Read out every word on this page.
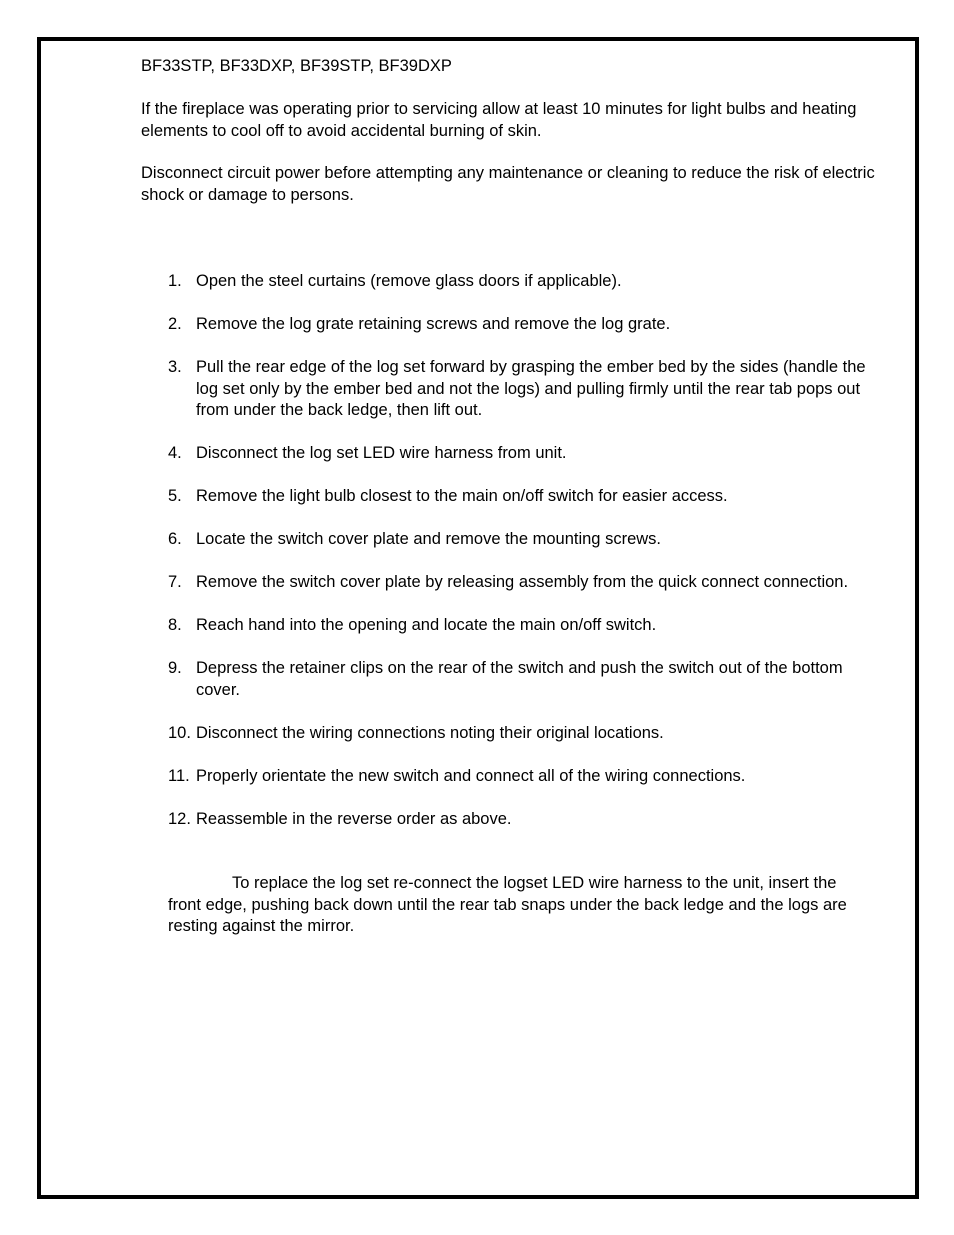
BF33STP, BF33DXP, BF39STP, BF39DXP
If the fireplace was operating prior to servicing allow at least 10 minutes for light bulbs and heating elements to cool off to avoid accidental burning of skin.
Disconnect circuit power before attempting any maintenance or cleaning to reduce the risk of electric shock or damage to persons.
1. Open the steel curtains (remove glass doors if applicable).
2. Remove the log grate retaining screws and remove the log grate.
3. Pull the rear edge of the log set forward by grasping the ember bed by the sides (handle the log set only by the ember bed and not the logs) and pulling firmly until the rear tab pops out from under the back ledge, then lift out.
4. Disconnect the log set LED wire harness from unit.
5. Remove the light bulb closest to the main on/off switch for easier access.
6. Locate the switch cover plate and remove the mounting screws.
7. Remove the switch cover plate by releasing assembly from the quick connect connection.
8. Reach hand into the opening and locate the main on/off switch.
9. Depress the retainer clips on the rear of the switch and push the switch out of the bottom cover.
10. Disconnect the wiring connections noting their original locations.
11. Properly orientate the new switch and connect all of the wiring connections.
12. Reassemble in the reverse order as above.
To replace the log set re-connect the logset LED wire harness to the unit, insert the front edge, pushing back down until the rear tab snaps under the back ledge and the logs are resting against the mirror.
